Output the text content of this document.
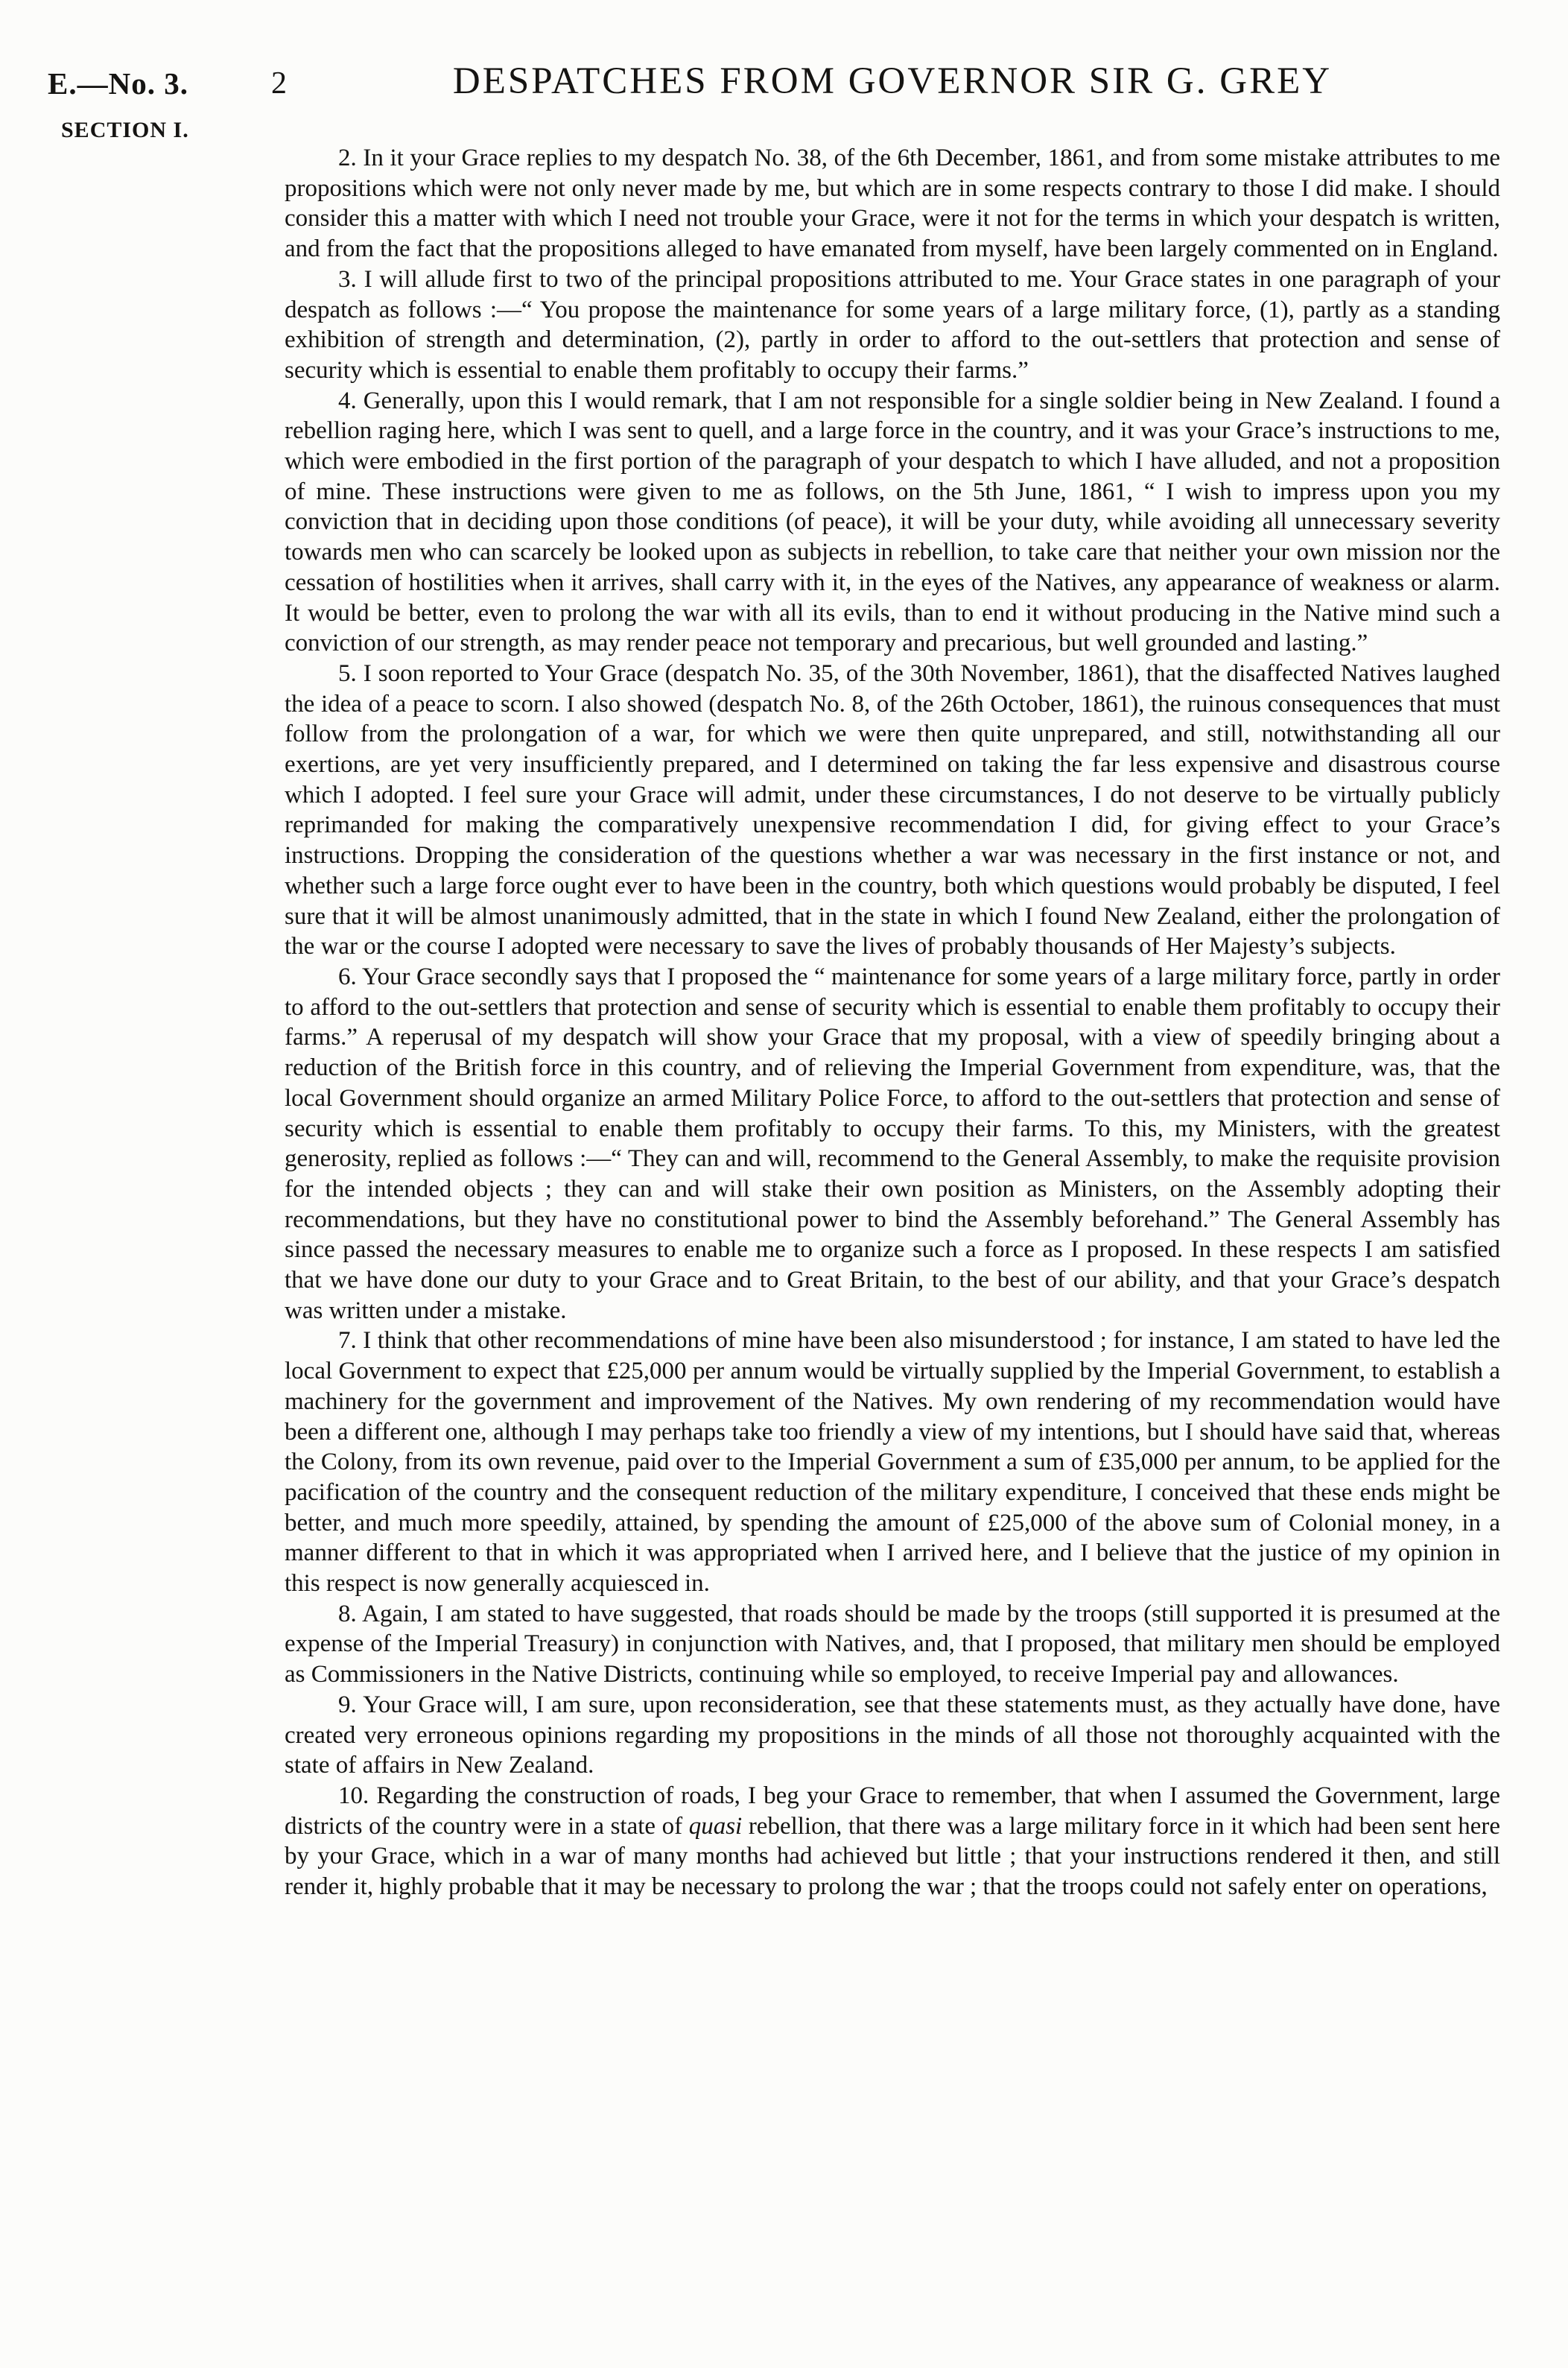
E.—No. 3.
SECTION I.
2	DESPATCHES FROM GOVERNOR SIR G. GREY

2. In it your Grace replies to my despatch No. 38, of the 6th December, 1861, and from some mistake attributes to me propositions which were not only never made by me, but which are in some respects contrary to those I did make. I should consider this a matter with which I need not trouble your Grace, were it not for the terms in which your despatch is written, and from the fact that the propositions alleged to have emanated from myself, have been largely commented on in England.

3. I will allude first to two of the principal propositions attributed to me. Your Grace states in one paragraph of your despatch as follows :—“ You propose the maintenance for some years of a large military force, (1), partly as a standing exhibition of strength and determination, (2), partly in order to afford to the out-settlers that protection and sense of security which is essential to enable them profitably to occupy their farms.”

4. Generally, upon this I would remark, that I am not responsible for a single soldier being in New Zealand. I found a rebellion raging here, which I was sent to quell, and a large force in the country, and it was your Grace’s instructions to me, which were embodied in the first portion of the paragraph of your despatch to which I have alluded, and not a proposition of mine. These instructions were given to me as follows, on the 5th June, 1861, “ I wish to impress upon you my conviction that in deciding upon those conditions (of peace), it will be your duty, while avoiding all unnecessary severity towards men who can scarcely be looked upon as subjects in rebellion, to take care that neither your own mission nor the cessation of hostilities when it arrives, shall carry with it, in the eyes of the Natives, any appearance of weakness or alarm. It would be better, even to prolong the war with all its evils, than to end it without producing in the Native mind such a conviction of our strength, as may render peace not temporary and precarious, but well grounded and lasting.”

5. I soon reported to Your Grace (despatch No. 35, of the 30th November, 1861), that the disaffected Natives laughed the idea of a peace to scorn. I also showed (despatch No. 8, of the 26th October, 1861), the ruinous consequences that must follow from the prolongation of a war, for which we were then quite unprepared, and still, notwithstanding all our exertions, are yet very insufficiently prepared, and I determined on taking the far less expensive and disastrous course which I adopted. I feel sure your Grace will admit, under these circumstances, I do not deserve to be virtually publicly reprimanded for making the comparatively unexpensive recommendation I did, for giving effect to your Grace’s instructions. Dropping the consideration of the questions whether a war was necessary in the first instance or not, and whether such a large force ought ever to have been in the country, both which questions would probably be disputed, I feel sure that it will be almost unanimously admitted, that in the state in which I found New Zealand, either the prolongation of the war or the course I adopted were necessary to save the lives of probably thousands of Her Majesty’s subjects.

6. Your Grace secondly says that I proposed the “ maintenance for some years of a large military force, partly in order to afford to the out-settlers that protection and sense of security which is essential to enable them profitably to occupy their farms.” A reperusal of my despatch will show your Grace that my proposal, with a view of speedily bringing about a reduction of the British force in this country, and of relieving the Imperial Government from expenditure, was, that the local Government should organize an armed Military Police Force, to afford to the out-settlers that protection and sense of security which is essential to enable them profitably to occupy their farms. To this, my Ministers, with the greatest generosity, replied as follows :—“ They can and will, recommend to the General Assembly, to make the requisite provision for the intended objects ; they can and will stake their own position as Ministers, on the Assembly adopting their recommendations, but they have no constitutional power to bind the Assembly beforehand.” The General Assembly has since passed the necessary measures to enable me to organize such a force as I proposed. In these respects I am satisfied that we have done our duty to your Grace and to Great Britain, to the best of our ability, and that your Grace’s despatch was written under a mistake.

7. I think that other recommendations of mine have been also misunderstood ; for instance, I am stated to have led the local Government to expect that £25,000 per annum would be virtually supplied by the Imperial Government, to establish a machinery for the government and improvement of the Natives. My own rendering of my recommendation would have been a different one, although I may perhaps take too friendly a view of my intentions, but I should have said that, whereas the Colony, from its own revenue, paid over to the Imperial Government a sum of £35,000 per annum, to be applied for the pacification of the country and the consequent reduction of the military expenditure, I conceived that these ends might be better, and much more speedily, attained, by spending the amount of £25,000 of the above sum of Colonial money, in a manner different to that in which it was appropriated when I arrived here, and I believe that the justice of my opinion in this respect is now generally acquiesced in.

8. Again, I am stated to have suggested, that roads should be made by the troops (still supported it is presumed at the expense of the Imperial Treasury) in conjunction with Natives, and, that I proposed, that military men should be employed as Commissioners in the Native Districts, continuing while so employed, to receive Imperial pay and allowances.

9. Your Grace will, I am sure, upon reconsideration, see that these statements must, as they actually have done, have created very erroneous opinions regarding my propositions in the minds of all those not thoroughly acquainted with the state of affairs in New Zealand.

10. Regarding the construction of roads, I beg your Grace to remember, that when I assumed the Government, large districts of the country were in a state of quasi rebellion, that there was a large military force in it which had been sent here by your Grace, which in a war of many months had achieved but little ; that your instructions rendered it then, and still render it, highly probable that it may be necessary to prolong the war ; that the troops could not safely enter on operations,
